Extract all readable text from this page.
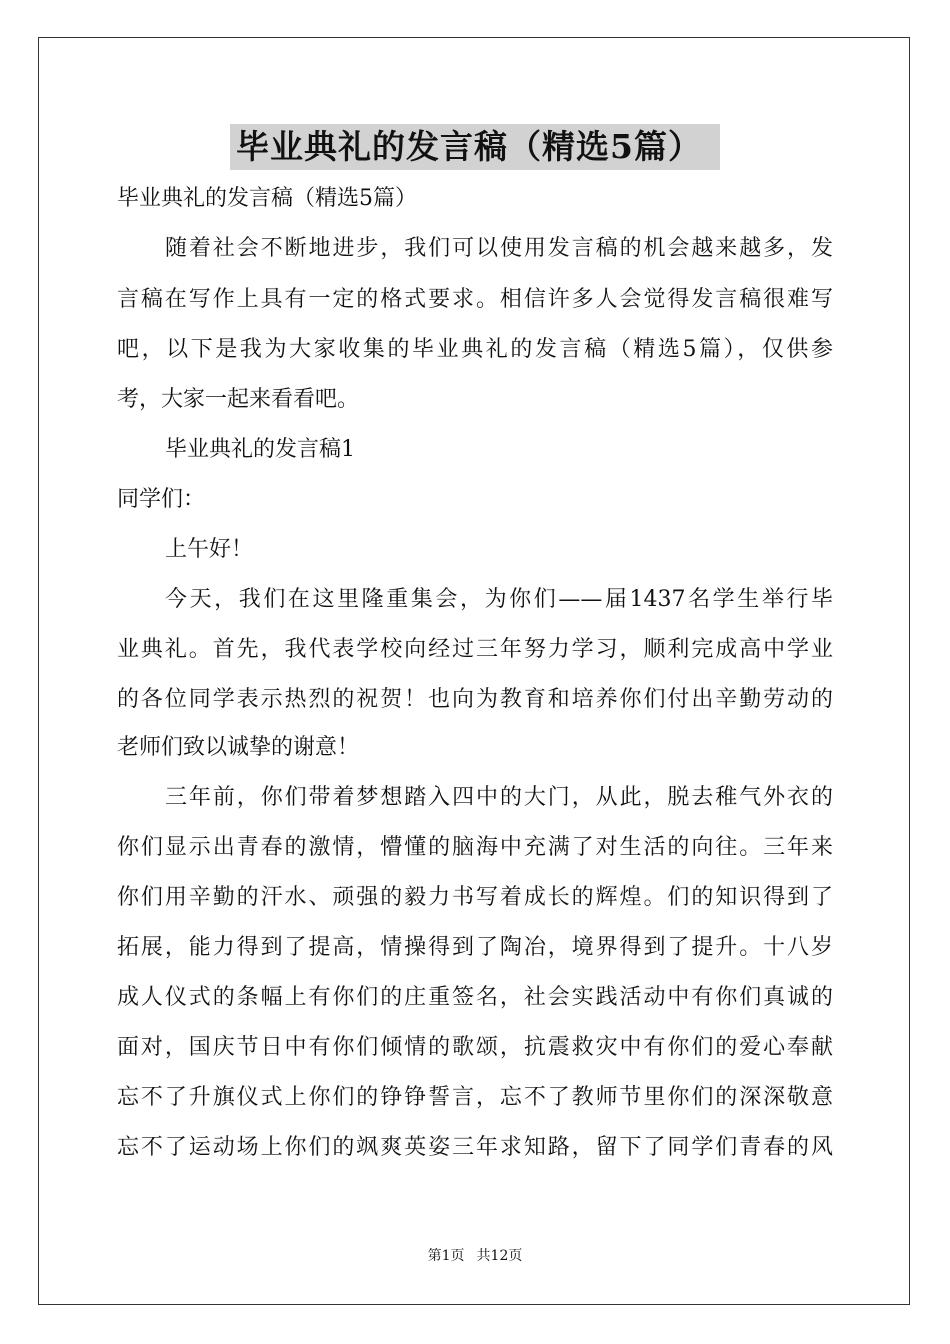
毕业典礼的发言稿（精选5篇）
毕业典礼的发言稿（精选5篇）
随着社会不断地进步，我们可以使用发言稿的机会越来越多，发
言稿在写作上具有一定的格式要求。相信许多人会觉得发言稿很难写
吧，以下是我为大家收集的毕业典礼的发言稿（精选5篇），仅供参
考，大家一起来看看吧。
毕业典礼的发言稿1
同学们：
上午好！
今天，我们在这里隆重集会，为你们——届1437名学生举行毕
业典礼。首先，我代表学校向经过三年努力学习，顺利完成高中学业
的各位同学表示热烈的祝贺！也向为教育和培养你们付出辛勤劳动的
老师们致以诚挚的谢意！
三年前，你们带着梦想踏入四中的大门，从此，脱去稚气外衣的
你们显示出青春的激情，懵懂的脑海中充满了对生活的向往。三年来
你们用辛勤的汗水、顽强的毅力书写着成长的辉煌。们的知识得到了
拓展，能力得到了提高，情操得到了陶冶，境界得到了提升。十八岁
成人仪式的条幅上有你们的庄重签名，社会实践活动中有你们真诚的
面对，国庆节日中有你们倾情的歌颂，抗震救灾中有你们的爱心奉献
忘不了升旗仪式上你们的铮铮誓言，忘不了教师节里你们的深深敬意
忘不了运动场上你们的飒爽英姿三年求知路，留下了同学们青春的风
第1页 共12页
